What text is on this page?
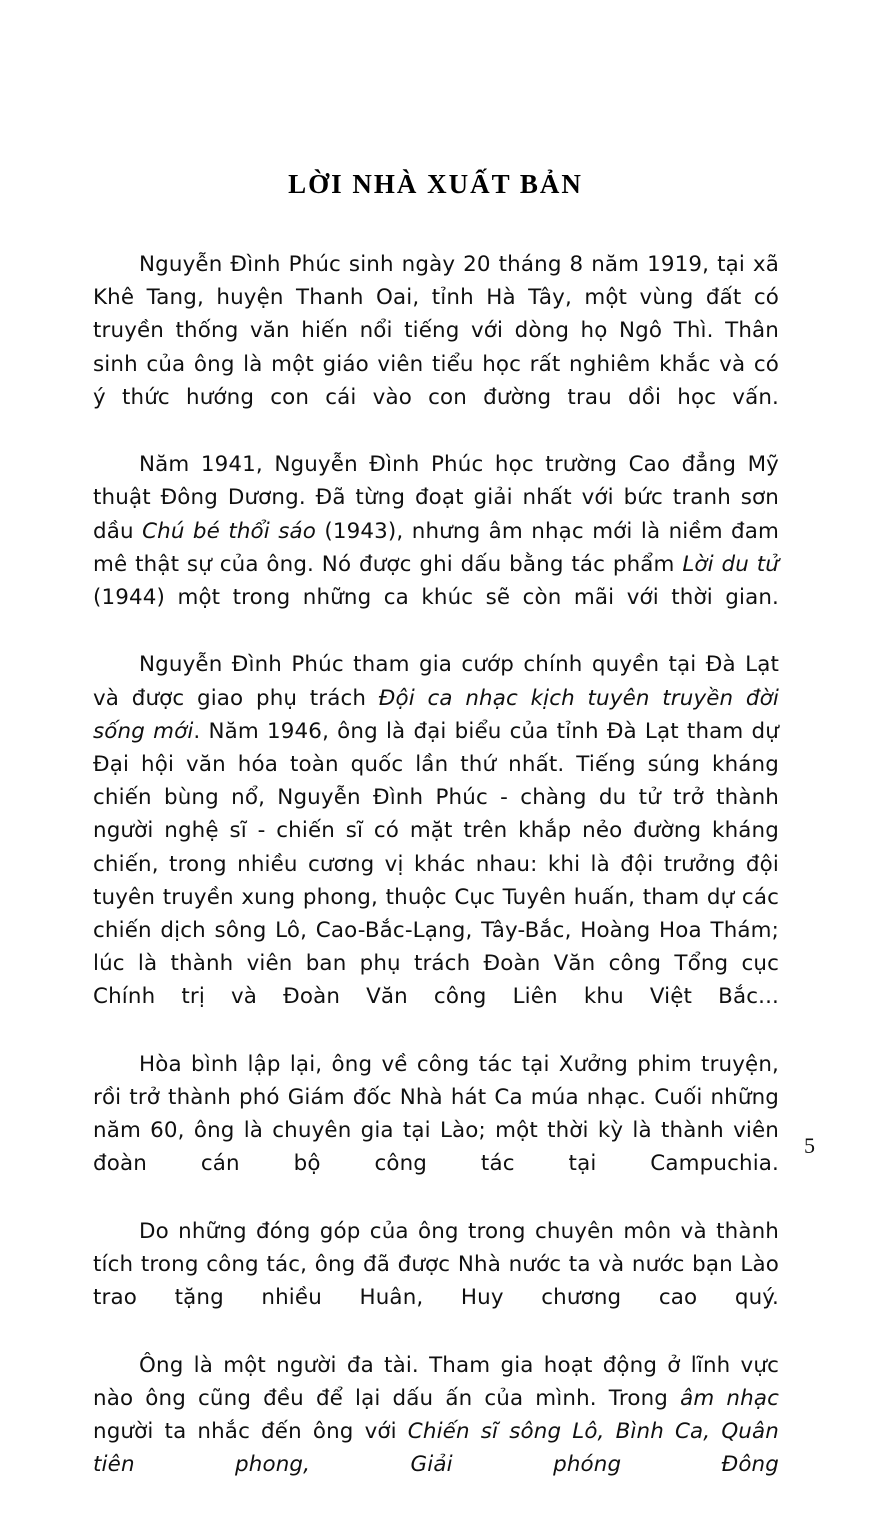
LỜI NHÀ XUẤT BẢN

Nguyễn Đình Phúc sinh ngày 20 tháng 8 năm 1919, tại xã Khê Tang, huyện Thanh Oai, tỉnh Hà Tây, một vùng đất có truyền thống văn hiến nổi tiếng với dòng họ Ngô Thì. Thân sinh của ông là một giáo viên tiểu học rất nghiêm khắc và có ý thức hướng con cái vào con đường trau dồi học vấn.

Năm 1941, Nguyễn Đình Phúc học trường Cao đẳng Mỹ thuật Đông Dương. Đã từng đoạt giải nhất với bức tranh sơn dầu Chú bé thổi sáo (1943), nhưng âm nhạc mới là niềm đam mê thật sự của ông. Nó được ghi dấu bằng tác phẩm Lời du tử (1944) một trong những ca khúc sẽ còn mãi với thời gian.

Nguyễn Đình Phúc tham gia cướp chính quyền tại Đà Lạt và được giao phụ trách Đội ca nhạc kịch tuyên truyền đời sống mới. Năm 1946, ông là đại biểu của tỉnh Đà Lạt tham dự Đại hội văn hóa toàn quốc lần thứ nhất. Tiếng súng kháng chiến bùng nổ, Nguyễn Đình Phúc - chàng du tử trở thành người nghệ sĩ - chiến sĩ có mặt trên khắp nẻo đường kháng chiến, trong nhiều cương vị khác nhau: khi là đội trưởng đội tuyên truyền xung phong, thuộc Cục Tuyên huấn, tham dự các chiến dịch sông Lô, Cao-Bắc-Lạng, Tây-Bắc, Hoàng Hoa Thám; lúc là thành viên ban phụ trách Đoàn Văn công Tổng cục Chính trị và Đoàn Văn công Liên khu Việt Bắc...

Hòa bình lập lại, ông về công tác tại Xưởng phim truyện, rồi trở thành phó Giám đốc Nhà hát Ca múa nhạc. Cuối những năm 60, ông là chuyên gia tại Lào; một thời kỳ là thành viên đoàn cán bộ công tác tại Campuchia.

Do những đóng góp của ông trong chuyên môn và thành tích trong công tác, ông đã được Nhà nước ta và nước bạn Lào trao tặng nhiều Huân, Huy chương cao quý.

Ông là một người đa tài. Tham gia hoạt động ở lĩnh vực nào ông cũng đều để lại dấu ấn của mình. Trong âm nhạc người ta nhắc đến ông với Chiến sĩ sông Lô, Bình Ca, Quân tiên phong, Giải phóng Đông

5
